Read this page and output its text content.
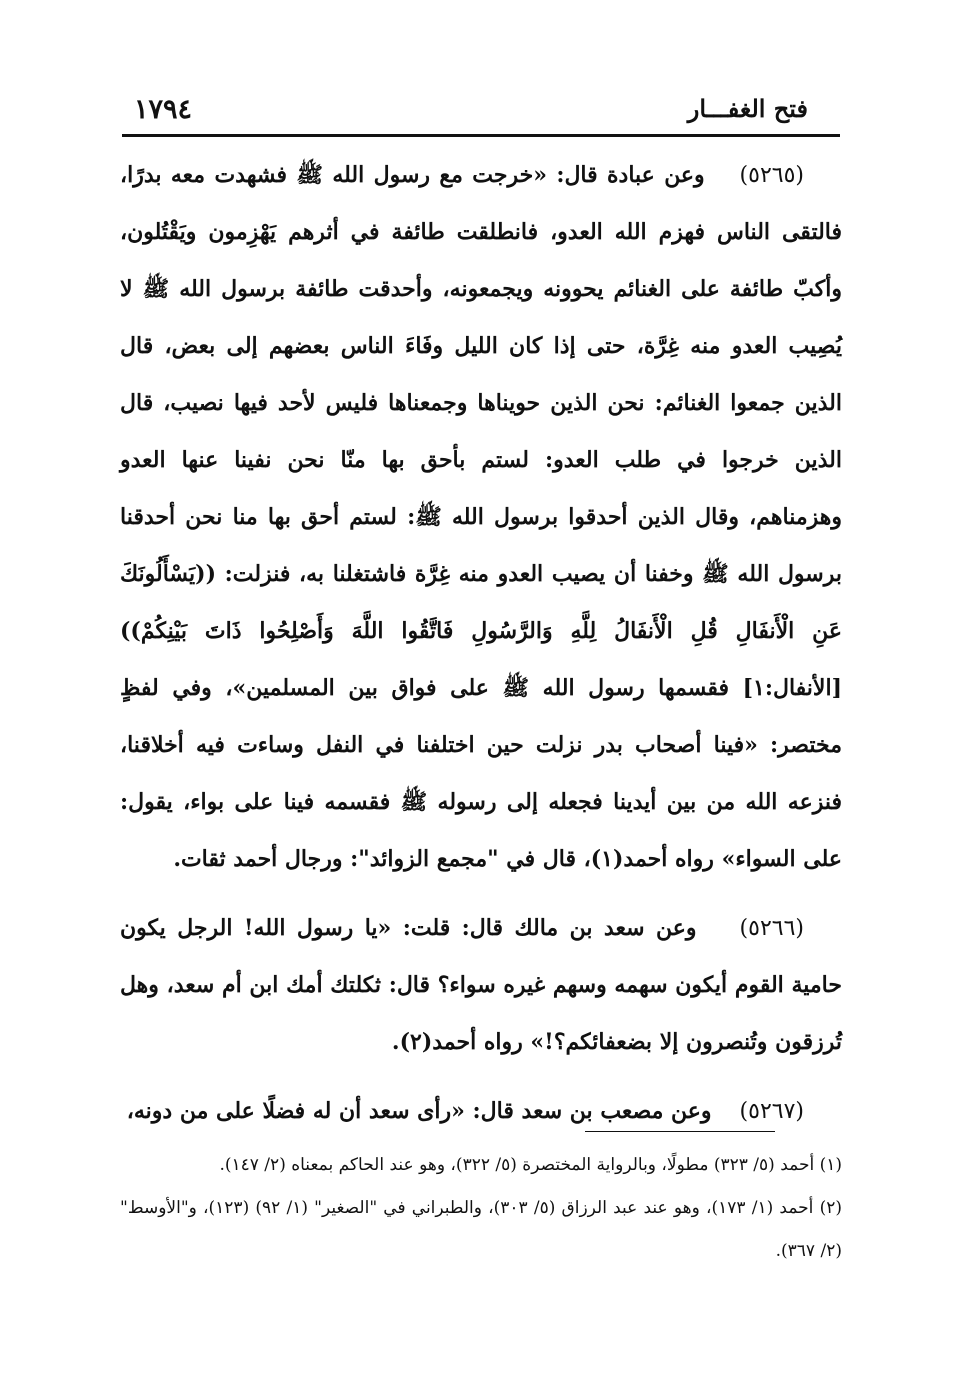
فتح الغفـــار
١٧٩٤

(٥٢٦٥)    وعن عبادة قال: «خرجت مع رسول الله ﷺ فشهدت معه بدرًا، فالتقى الناس فهزم الله العدو، فانطلقت طائفة في أثرهم يَهْزِمون ويَقْتُلون، وأكبّ طائفة على الغنائم يحوونه ويجمعونه، وأحدقت طائفة برسول الله ﷺ لا يُصِيب العدو منه غِرَّة، حتى إذا كان الليل وفَاءَ الناس بعضهم إلى بعض، قال الذين جمعوا الغنائم: نحن الذين حويناها وجمعناها فليس لأحد فيها نصيب، قال الذين خرجوا في طلب العدو: لستم بأحق بها منّا نحن نفينا عنها العدو وهزمناهم، وقال الذين أحدقوا برسول الله ﷺ: لستم أحق بها منا نحن أحدقنا برسول الله ﷺ وخفنا أن يصيب العدو منه غِرَّة فاشتغلنا به، فنزلت: ((يَسْأَلُونَكَ عَنِ الْأَنفَالِ قُلِ الْأَنفَالُ لِلَّهِ وَالرَّسُولِ فَاتَّقُوا اللَّهَ وَأَصْلِحُوا ذَاتَ بَيْنِكُمْ)) [الأنفال:١] فقسمها رسول الله ﷺ على فواق بين المسلمين»، وفي لفظٍ مختصر: «فينا أصحاب بدر نزلت حين اختلفنا في النفل وساءت فيه أخلاقنا، فنزعه الله من بين أيدينا فجعله إلى رسوله ﷺ فقسمه فينا على بواء، يقول: على السواء» رواه أحمد(١)، قال في "مجمع الزوائد": ورجال أحمد ثقات.

(٥٢٦٦)    وعن سعد بن مالك قال: قلت: «يا رسول الله! الرجل يكون حامية القوم أيكون سهمه وسهم غيره سواء؟ قال: ثكلتك أمك ابن أم سعد، وهل تُرزقون وتُنصرون إلا بضعفائكم؟!» رواه أحمد(٢).

(٥٢٦٧)    وعن مصعب بن سعد قال: «رأى سعد أن له فضلًا على من دونه،

(١) أحمد (٥/ ٣٢٣) مطولًا، وبالرواية المختصرة (٥/ ٣٢٢)، وهو عند الحاكم بمعناه (٢/ ١٤٧).

(٢) أحمد (١/ ١٧٣)، وهو عند عبد الرزاق (٥/ ٣٠٣)، والطبراني في "الصغير" (١/ ٩٢) (١٢٣)، و"الأوسط" (٢/ ٣٦٧).
